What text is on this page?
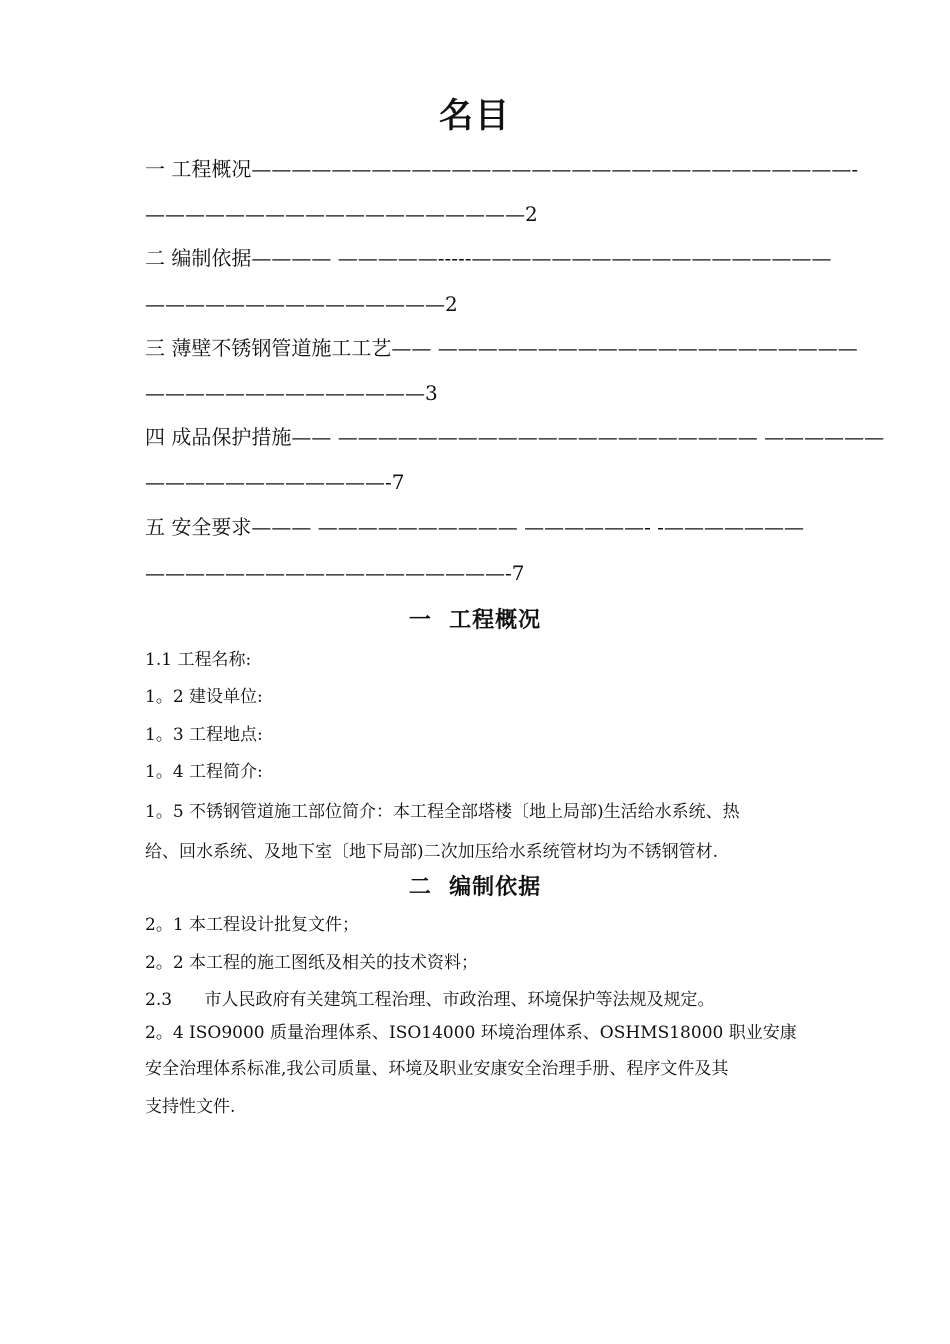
名目
一 工程概况——————————————————————————————-
———————————————————2
二 编制依据———— —————-----——————————————————
———————————————2
三 薄壁不锈钢管道施工工艺—— —————————————————————
——————————————3
四 成品保护措施—— ————————————————————— ——————
————————————-7
五 安全要求——— —————————— ——————- -———————
——————————————————-7
一  工程概况
1.1 工程名称:
1。2 建设单位:
1。3 工程地点:
1。4 工程简介:
1。5 不锈钢管道施工部位简介：本工程全部塔楼〔地上局部)生活给水系统、热
给、回水系统、及地下室〔地下局部)二次加压给水系统管材均为不锈钢管材.
二  编制依据
2。1 本工程设计批复文件；
2。2 本工程的施工图纸及相关的技术资料；
2.3      市人民政府有关建筑工程治理、市政治理、环境保护等法规及规定。
2。4 ISO9000 质量治理体系、ISO14000 环境治理体系、OSHMS18000 职业安康
安全治理体系标准,我公司质量、环境及职业安康安全治理手册、程序文件及其
支持性文件.
